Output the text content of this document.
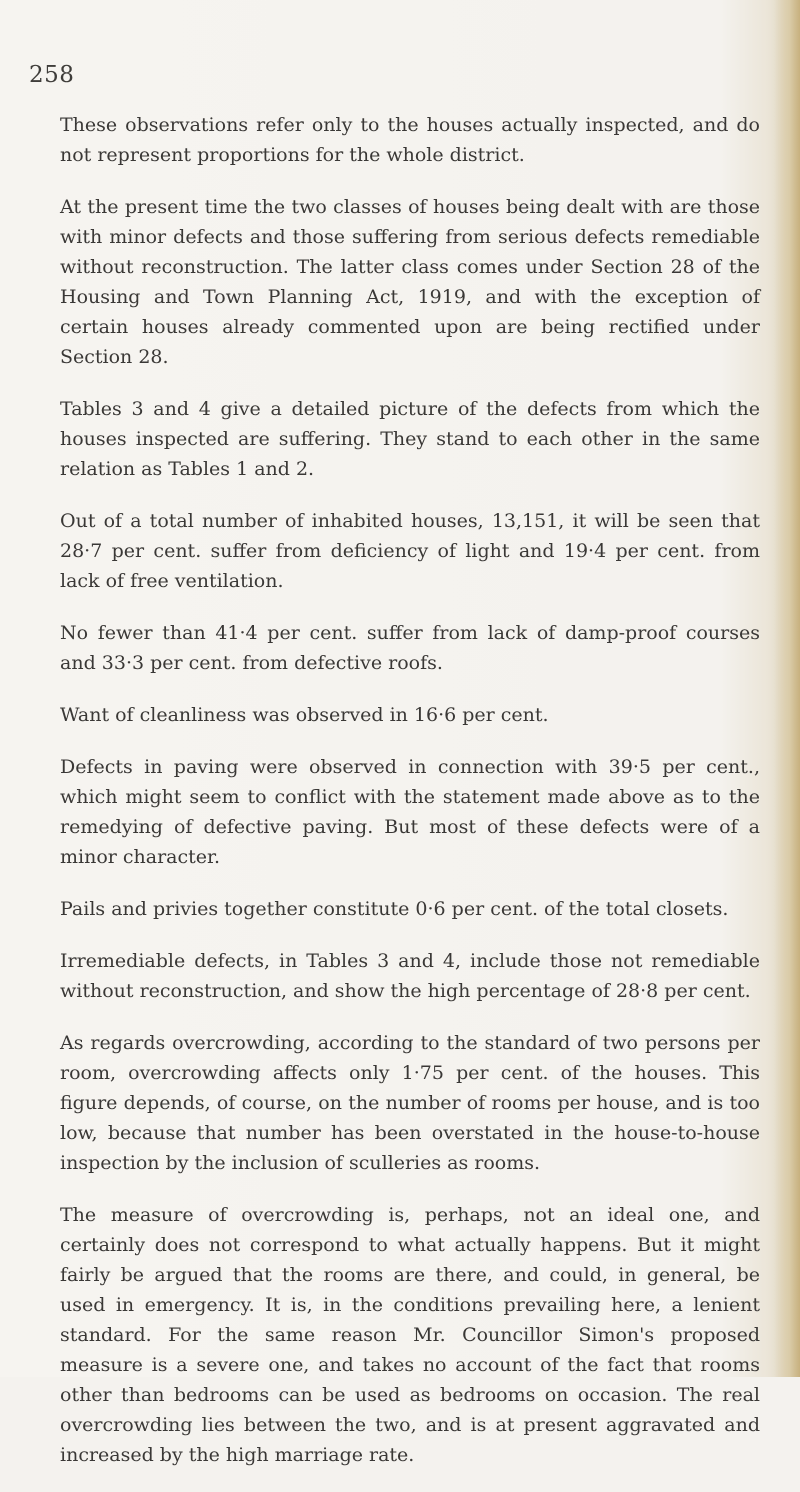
258

These observations refer only to the houses actually inspected, and do not represent proportions for the whole district.

At the present time the two classes of houses being dealt with are those with minor defects and those suffering from serious defects remediable without reconstruction. The latter class comes under Section 28 of the Housing and Town Planning Act, 1919, and with the exception of certain houses already commented upon are being rectified under Section 28.

Tables 3 and 4 give a detailed picture of the defects from which the houses inspected are suffering. They stand to each other in the same relation as Tables 1 and 2.

Out of a total number of inhabited houses, 13,151, it will be seen that 28·7 per cent. suffer from deficiency of light and 19·4 per cent. from lack of free ventilation.

No fewer than 41·4 per cent. suffer from lack of damp-proof courses and 33·3 per cent. from defective roofs.

Want of cleanliness was observed in 16·6 per cent.

Defects in paving were observed in connection with 39·5 per cent., which might seem to conflict with the statement made above as to the remedying of defective paving. But most of these defects were of a minor character.

Pails and privies together constitute 0·6 per cent. of the total closets.

Irremediable defects, in Tables 3 and 4, include those not remediable without reconstruction, and show the high percentage of 28·8 per cent.

As regards overcrowding, according to the standard of two persons per room, overcrowding affects only 1·75 per cent. of the houses. This figure depends, of course, on the number of rooms per house, and is too low, because that number has been overstated in the house-to-house inspection by the inclusion of sculleries as rooms.

The measure of overcrowding is, perhaps, not an ideal one, and certainly does not correspond to what actually happens. But it might fairly be argued that the rooms are there, and could, in general, be used in emergency. It is, in the conditions prevailing here, a lenient standard. For the same reason Mr. Councillor Simon's proposed measure is a severe one, and takes no account of the fact that rooms other than bedrooms can be used as bedrooms on occasion. The real overcrowding lies between the two, and is at present aggravated and increased by the high marriage rate.
